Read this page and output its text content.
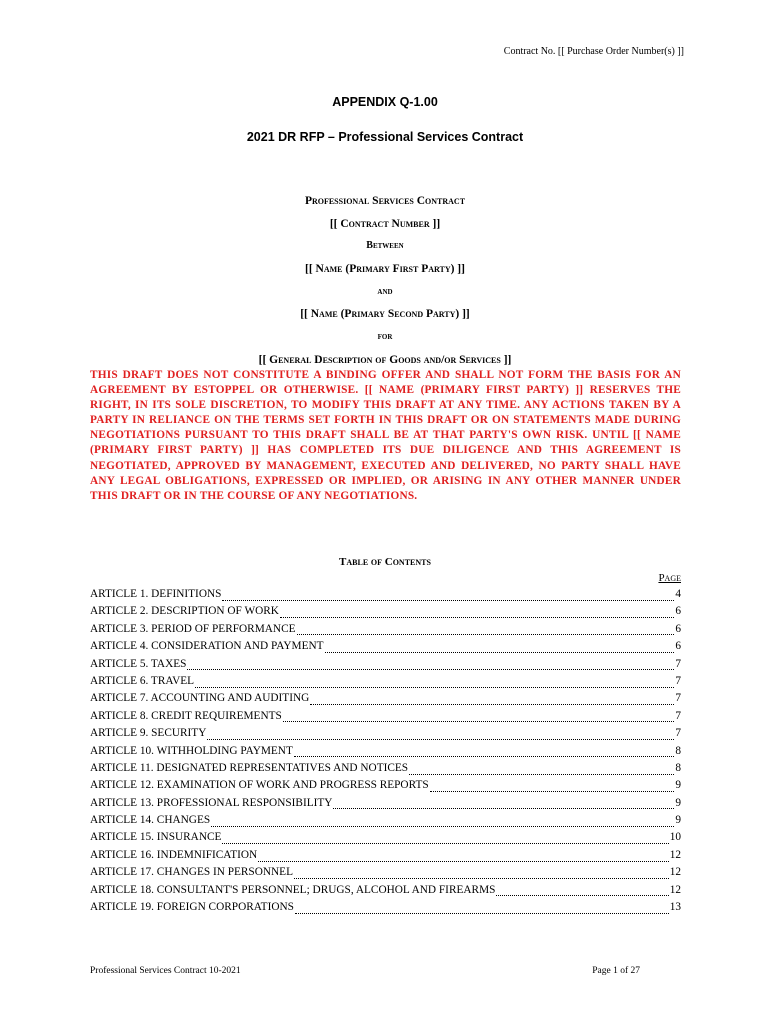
Contract No. [[ Purchase Order Number(s) ]]
APPENDIX Q-1.00
2021 DR RFP – Professional Services Contract
Professional Services Contract
[[ Contract Number ]]
Between
[[ Name (Primary First Party) ]]
and
[[ Name (Primary Second Party) ]]
for
[[ General Description of Goods and/or Services ]]
THIS DRAFT DOES NOT CONSTITUTE A BINDING OFFER AND SHALL NOT FORM THE BASIS FOR AN AGREEMENT BY ESTOPPEL OR OTHERWISE. [[ NAME (PRIMARY FIRST PARTY) ]] RESERVES THE RIGHT, IN ITS SOLE DISCRETION, TO MODIFY THIS DRAFT AT ANY TIME. ANY ACTIONS TAKEN BY A PARTY IN RELIANCE ON THE TERMS SET FORTH IN THIS DRAFT OR ON STATEMENTS MADE DURING NEGOTIATIONS PURSUANT TO THIS DRAFT SHALL BE AT THAT PARTY'S OWN RISK. UNTIL [[ NAME (PRIMARY FIRST PARTY) ]] HAS COMPLETED ITS DUE DILIGENCE AND THIS AGREEMENT IS NEGOTIATED, APPROVED BY MANAGEMENT, EXECUTED AND DELIVERED, NO PARTY SHALL HAVE ANY LEGAL OBLIGATIONS, EXPRESSED OR IMPLIED, OR ARISING IN ANY OTHER MANNER UNDER THIS DRAFT OR IN THE COURSE OF ANY NEGOTIATIONS.
Table of Contents
Page
ARTICLE 1. DEFINITIONS	4
ARTICLE 2. DESCRIPTION OF WORK	6
ARTICLE 3. PERIOD OF PERFORMANCE	6
ARTICLE 4. CONSIDERATION AND PAYMENT	6
ARTICLE 5. TAXES	7
ARTICLE 6. TRAVEL	7
ARTICLE 7. ACCOUNTING AND AUDITING	7
ARTICLE 8. CREDIT REQUIREMENTS	7
ARTICLE 9. SECURITY	7
ARTICLE 10. WITHHOLDING PAYMENT	8
ARTICLE 11. DESIGNATED REPRESENTATIVES AND NOTICES	8
ARTICLE 12. EXAMINATION OF WORK AND PROGRESS REPORTS	9
ARTICLE 13. PROFESSIONAL RESPONSIBILITY	9
ARTICLE 14. CHANGES	9
ARTICLE 15. INSURANCE	10
ARTICLE 16. INDEMNIFICATION	12
ARTICLE 17. CHANGES IN PERSONNEL	12
ARTICLE 18. CONSULTANT'S PERSONNEL; DRUGS, ALCOHOL AND FIREARMS	12
ARTICLE 19. FOREIGN CORPORATIONS	13
Professional Services Contract 10-2021	Page 1 of 27
